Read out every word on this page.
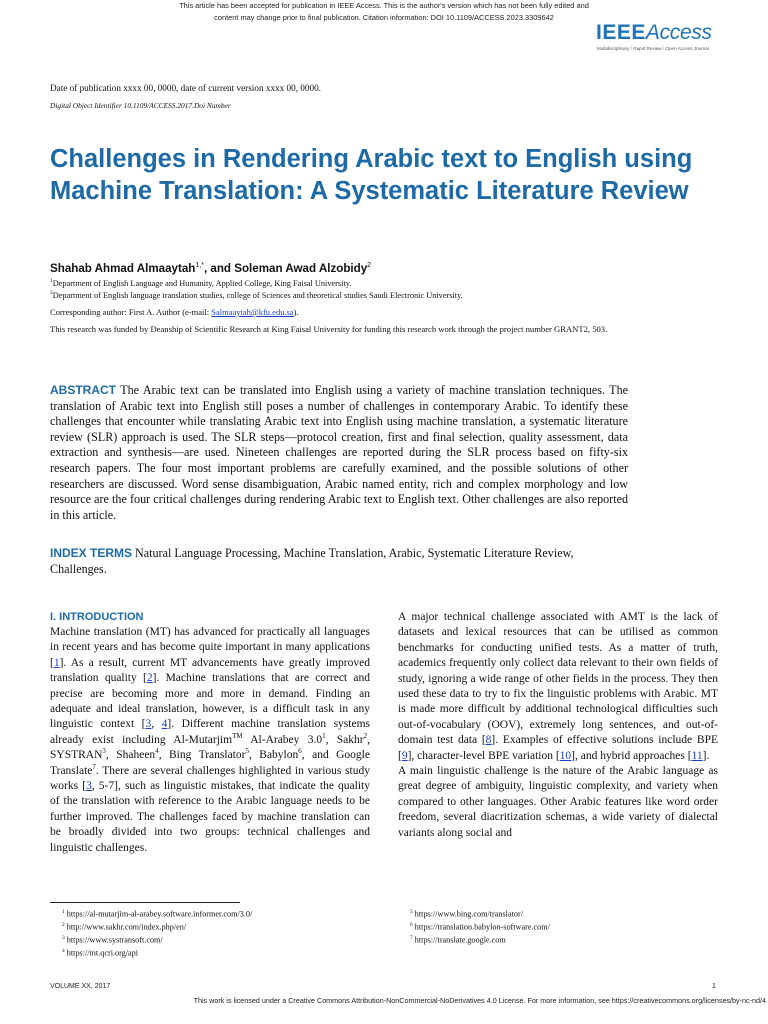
This article has been accepted for publication in IEEE Access. This is the author's version which has not been fully edited and
content may change prior to final publication. Citation information: DOI 10.1109/ACCESS.2023.3309642
IEEEAccess
Multidisciplinary ⁞ Rapid Review ⁞ Open Access Journal
Date of publication xxxx 00, 0000, date of current version xxxx 00, 0000.
Digital Object Identifier 10.1109/ACCESS.2017.Doi Number
Challenges in Rendering Arabic text to English using Machine Translation: A Systematic Literature Review
Shahab Ahmad Almaaytah$^{1,*}$, and Soleman Awad Alzobidy$^2$
$^1$Department of English Language and Humanity, Applied College, King Faisal University.
$^2$Department of English language translation studies, college of Sciences and theoretical studies Saudi Electronic University.
Corresponding author: First A. Author (e-mail: Salmaaytah@kfu.edu.sa).
This research was funded by Deanship of Scientific Research at King Faisal University for funding this research work through the project number GRANT2, 503.
ABSTRACT The Arabic text can be translated into English using a variety of machine translation techniques. The translation of Arabic text into English still poses a number of challenges in contemporary Arabic. To identify these challenges that encounter while translating Arabic text into English using machine translation, a systematic literature review (SLR) approach is used. The SLR steps—protocol creation, first and final selection, quality assessment, data extraction and synthesis—are used. Nineteen challenges are reported during the SLR process based on fifty-six research papers. The four most important problems are carefully examined, and the possible solutions of other researchers are discussed. Word sense disambiguation, Arabic named entity, rich and complex morphology and low resource are the four critical challenges during rendering Arabic text to English text. Other challenges are also reported in this article.
INDEX TERMS Natural Language Processing, Machine Translation, Arabic, Systematic Literature Review, Challenges.
I. INTRODUCTION
Machine translation (MT) has advanced for practically all languages in recent years and has become quite important in many applications [1]. As a result, current MT advancements have greatly improved translation quality [2]. Machine translations that are correct and precise are becoming more and more in demand. Finding an adequate and ideal translation, however, is a difficult task in any linguistic context [3, 4]. Different machine translation systems already exist including Al-Mutarjim™ Al-Arabey $3.0^1$, Sakhr$^2$, SYSTRAN$^3$, Shaheen$^4$, Bing Translator$^5$, Babylon$^6$, and Google Translate$^7$. There are several challenges highlighted in various study works [3, 5-7], such as linguistic mistakes, that indicate the quality of the translation with reference to the Arabic language needs to be further improved. The challenges faced by machine translation can be broadly divided into two groups: technical challenges and linguistic challenges.
A major technical challenge associated with AMT is the lack of datasets and lexical resources that can be utilised as common benchmarks for conducting unified tests. As a matter of truth, academics frequently only collect data relevant to their own fields of study, ignoring a wide range of other fields in the process. They then used these data to try to fix the linguistic problems with Arabic. MT is made more difficult by additional technological difficulties such out-of-vocabulary (OOV), extremely long sentences, and out-of-domain test data [8]. Examples of effective solutions include BPE [9], character-level BPE variation [10], and hybrid approaches [11].
A main linguistic challenge is the nature of the Arabic language as great degree of ambiguity, linguistic complexity, and variety when compared to other languages. Other Arabic features like word order freedom, several diacritization schemas, a wide variety of dialectal variants along social and
$^1$ https://al-mutarjim-al-arabey.software.informer.com/3.0/
$^2$ http://www.sakhr.com/index.php/en/
$^3$ https://www.systransoft.com/
$^4$ https://mt.qcri.org/api
$^5$ https://www.bing.com/translator/
$^6$ https://translation.babylon-software.com/
$^7$ https://translate.google.com
VOLUME XX, 2017	1
This work is licensed under a Creative Commons Attribution-NonCommercial-NoDerivatives 4.0 License. For more information, see https://creativecommons.org/licenses/by-nc-nd/4
